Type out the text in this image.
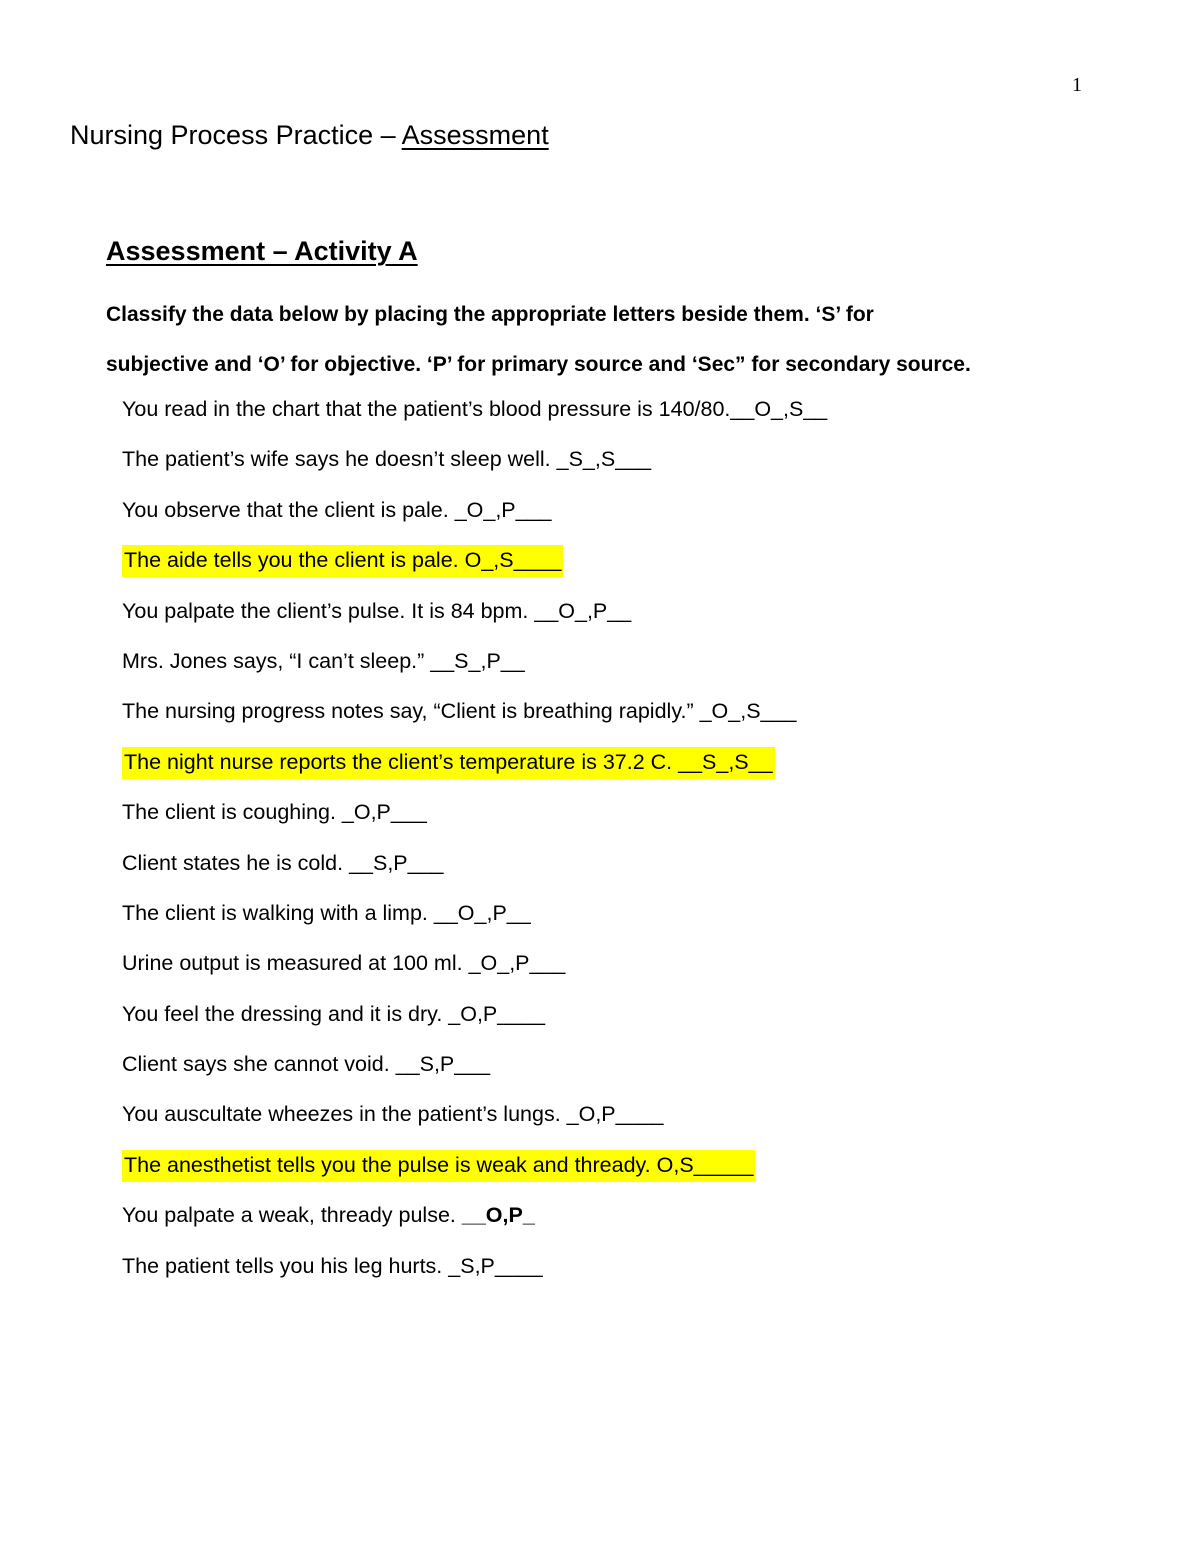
1
Nursing Process Practice – Assessment
Assessment – Activity A
Classify the data below by placing the appropriate letters beside them. ‘S’ for
subjective and ‘O’ for objective. ‘P’ for primary source and ‘Sec” for secondary source.
You read in the chart that the patient’s blood pressure is 140/80.__O_,S__
The patient’s wife says he doesn’t sleep well. _S_,S___
You observe that the client is pale. _O_,P___
The aide tells you the client is pale. O_,S____
You palpate the client’s pulse. It is 84 bpm. __O_,P__
Mrs. Jones says, “I can’t sleep.” __S_,P__
The nursing progress notes say, “Client is breathing rapidly.” _O_,S___
The night nurse reports the client’s temperature is 37.2 C. __S_,S__
The client is coughing. _O,P___
Client states he is cold. __S,P___
The client is walking with a limp. __O_,P__
Urine output is measured at 100 ml. _O_,P___
You feel the dressing and it is dry. _O,P____
Client says she cannot void. __S,P___
You auscultate wheezes in the patient’s lungs. _O,P____
The anesthetist tells you the pulse is weak and thready. O,S_____
You palpate a weak, thready pulse. __O,P_
The patient tells you his leg hurts. _S,P____
